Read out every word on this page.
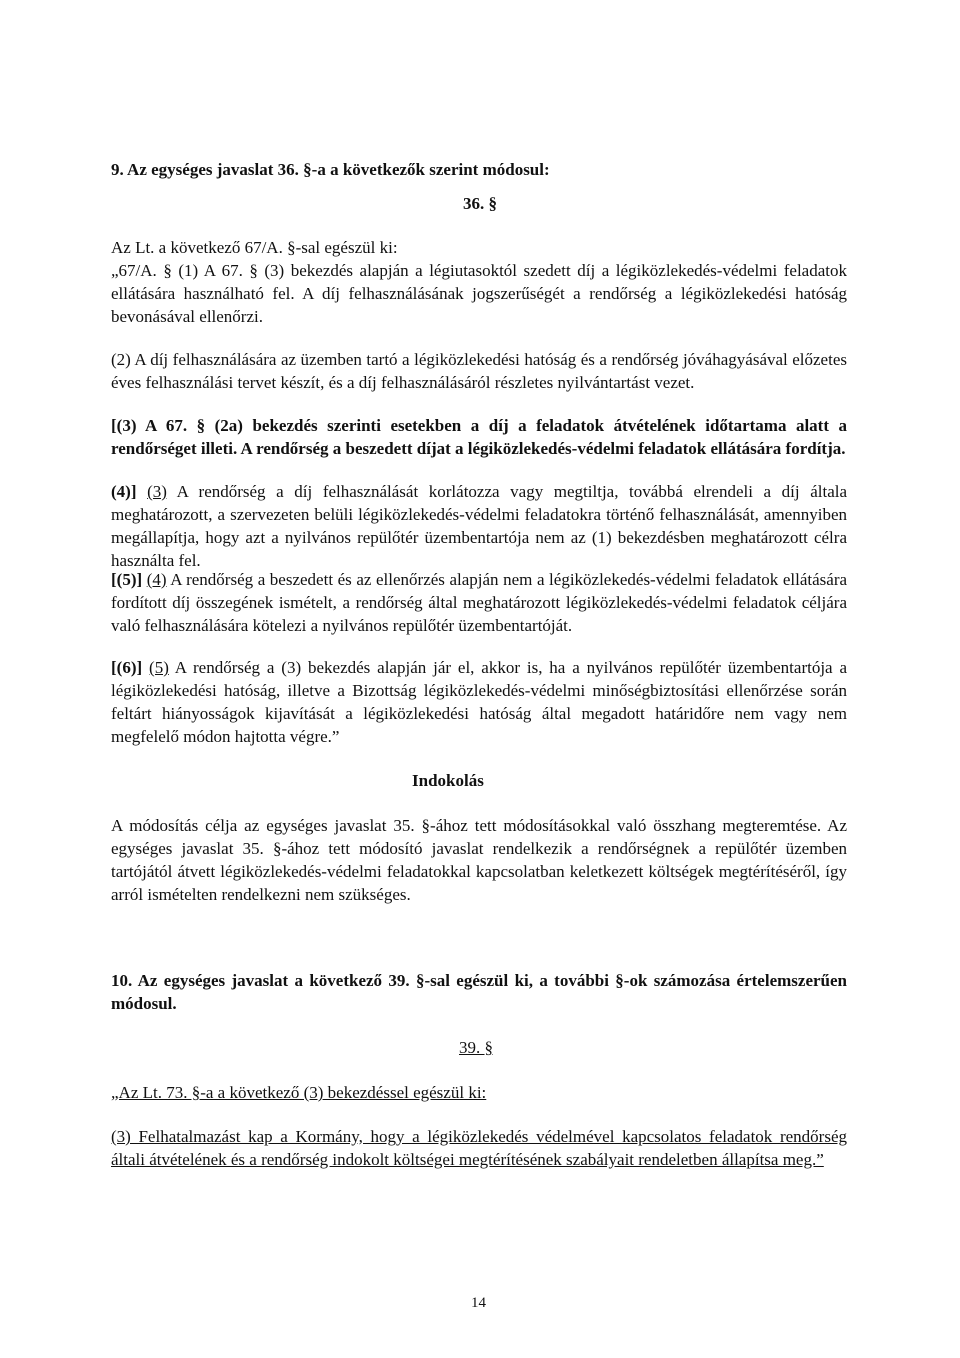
9. Az egységes javaslat 36. §-a a következők szerint módosul:
36. §
Az Lt. a következő 67/A. §-sal egészül ki:
„67/A. § (1) A 67. § (3) bekezdés alapján a légiutasoktól szedett díj a légiközlekedés-védelmi feladatok ellátására használható fel. A díj felhasználásának jogszerűségét a rendőrség a légiközlekedési hatóság bevonásával ellenőrzi.
(2) A díj felhasználására az üzemben tartó a légiközlekedési hatóság és a rendőrség jóváhagyásával előzetes éves felhasználási tervet készít, és a díj felhasználásáról részletes nyilvántartást vezet.
[(3) A 67. § (2a) bekezdés szerinti esetekben a díj a feladatok átvételének időtartama alatt a rendőrséget illeti. A rendőrség a beszedett díjat a légiközlekedés-védelmi feladatok ellátására fordítja.
(4)] (3) A rendőrség a díj felhasználását korlátozza vagy megtiltja, továbbá elrendeli a díj általa meghatározott, a szervezeten belüli légiközlekedés-védelmi feladatokra történő felhasználását, amennyiben megállapítja, hogy azt a nyilvános repülőtér üzembentartója nem az (1) bekezdésben meghatározott célra használta fel.
[(5)] (4) A rendőrség a beszedett és az ellenőrzés alapján nem a légiközlekedés-védelmi feladatok ellátására fordított díj összegének ismételt, a rendőrség által meghatározott légiközlekedés-védelmi feladatok céljára való felhasználására kötelezi a nyilvános repülőtér üzembentartóját.
[(6)] (5) A rendőrség a (3) bekezdés alapján jár el, akkor is, ha a nyilvános repülőtér üzembentartója a légiközlekedési hatóság, illetve a Bizottság légiközlekedés-védelmi minőségbiztosítási ellenőrzése során feltárt hiányosságok kijavítását a légiközlekedési hatóság által megadott határidőre nem vagy nem megfelelő módon hajtotta végre.”
Indokolás
A módosítás célja az egységes javaslat 35. §-ához tett módosításokkal való összhang megteremtése. Az egységes javaslat 35. §-ához tett módosító javaslat rendelkezik a rendőrségnek a repülőtér üzemben tartójától átvett légiközlekedés-védelmi feladatokkal kapcsolatban keletkezett költségek megtérítéséről, így arról ismételten rendelkezni nem szükséges.
10. Az egységes javaslat a következő 39. §-sal egészül ki, a további §-ok számozása értelemszerűen módosul.
39. §
„Az Lt. 73. §-a a következő (3) bekezdéssel egészül ki:
(3) Felhatalmazást kap a Kormány, hogy a légiközlekedés védelmével kapcsolatos feladatok rendőrség általi átvételének és a rendőrség indokolt költségei megtérítésének szabályait rendeletben állapítsa meg.”
14
